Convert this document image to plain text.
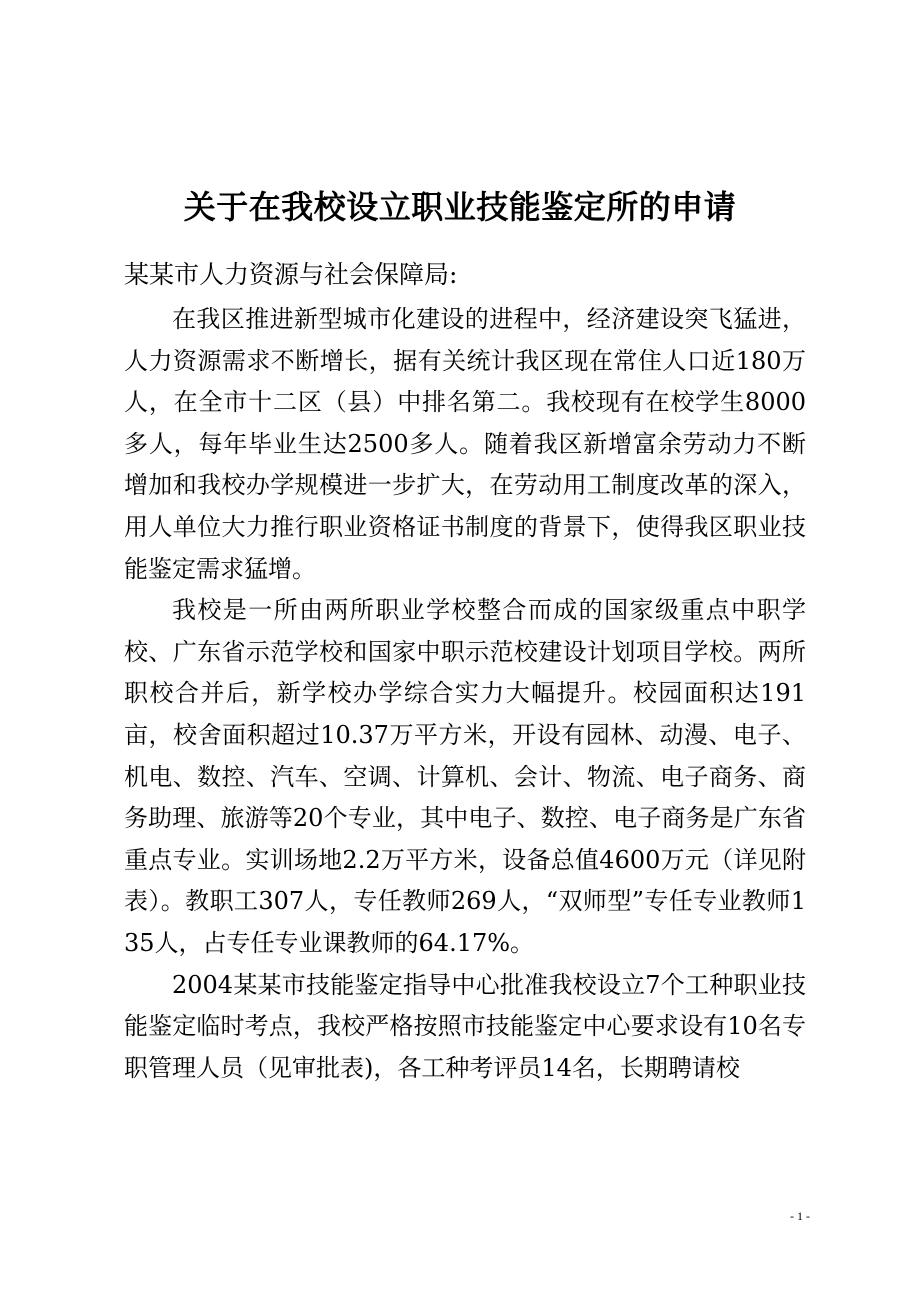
关于在我校设立职业技能鉴定所的申请
某某市人力资源与社会保障局:

在我区推进新型城市化建设的进程中，经济建设突飞猛进，人力资源需求不断增长，据有关统计我区现在常住人口近180万人，在全市十二区（县）中排名第二。我校现有在校学生8000多人，每年毕业生达2500多人。随着我区新增富余劳动力不断增加和我校办学规模进一步扩大，在劳动用工制度改革的深入，用人单位大力推行职业资格证书制度的背景下，使得我区职业技能鉴定需求猛增。

我校是一所由两所职业学校整合而成的国家级重点中职学校、广东省示范学校和国家中职示范校建设计划项目学校。两所职校合并后，新学校办学综合实力大幅提升。校园面积达191亩，校舍面积超过10.37万平方米，开设有园林、动漫、电子、机电、数控、汽车、空调、计算机、会计、物流、电子商务、商务助理、旅游等20个专业，其中电子、数控、电子商务是广东省重点专业。实训场地2.2万平方米，设备总值4600万元（详见附表）。教职工307人，专任教师269人，“双师型”专任专业教师135人，占专任专业课教师的64.17%。

2004某某市技能鉴定指导中心批准我校设立7个工种职业技能鉴定临时考点，我校严格按照市技能鉴定中心要求设有10名专职管理人员（见审批表)，各工种考评员14名，长期聘请校

- 1 -
